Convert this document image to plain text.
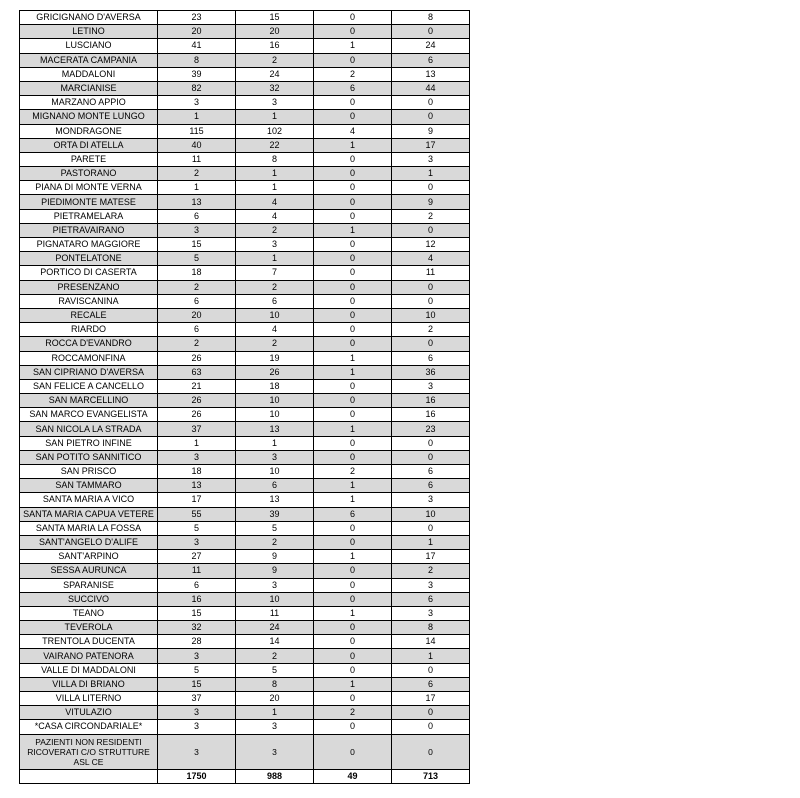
GRICIGNANO D'AVERSA	23	15	0	8
LETINO	20	20	0	0
LUSCIANO	41	16	1	24
MACERATA CAMPANIA	8	2	0	6
MADDALONI	39	24	2	13
MARCIANISE	82	32	6	44
MARZANO APPIO	3	3	0	0
MIGNANO MONTE LUNGO	1	1	0	0
MONDRAGONE	115	102	4	9
ORTA DI ATELLA	40	22	1	17
PARETE	11	8	0	3
PASTORANO	2	1	0	1
PIANA DI MONTE VERNA	1	1	0	0
PIEDIMONTE MATESE	13	4	0	9
PIETRAMELARA	6	4	0	2
PIETRAVAIRANO	3	2	1	0
PIGNATARO MAGGIORE	15	3	0	12
PONTELATONE	5	1	0	4
PORTICO DI CASERTA	18	7	0	11
PRESENZANO	2	2	0	0
RAVISCANINA	6	6	0	0
RECALE	20	10	0	10
RIARDO	6	4	0	2
ROCCA D'EVANDRO	2	2	0	0
ROCCAMONFINA	26	19	1	6
SAN CIPRIANO D'AVERSA	63	26	1	36
SAN FELICE A CANCELLO	21	18	0	3
SAN MARCELLINO	26	10	0	16
SAN MARCO EVANGELISTA	26	10	0	16
SAN NICOLA LA STRADA	37	13	1	23
SAN PIETRO INFINE	1	1	0	0
SAN POTITO SANNITICO	3	3	0	0
SAN PRISCO	18	10	2	6
SAN TAMMARO	13	6	1	6
SANTA MARIA A VICO	17	13	1	3
SANTA MARIA CAPUA VETERE	55	39	6	10
SANTA MARIA LA FOSSA	5	5	0	0
SANT'ANGELO D'ALIFE	3	2	0	1
SANT'ARPINO	27	9	1	17
SESSA AURUNCA	11	9	0	2
SPARANISE	6	3	0	3
SUCCIVO	16	10	0	6
TEANO	15	11	1	3
TEVEROLA	32	24	0	8
TRENTOLA DUCENTA	28	14	0	14
VAIRANO PATENORA	3	2	0	1
VALLE DI MADDALONI	5	5	0	0
VILLA DI BRIANO	15	8	1	6
VILLA LITERNO	37	20	0	17
VITULAZIO	3	1	2	0
*CASA CIRCONDARIALE*	3	3	0	0
PAZIENTI NON RESIDENTI RICOVERATI C/O STRUTTURE ASL CE	3	3	0	0
	1750	988	49	713
